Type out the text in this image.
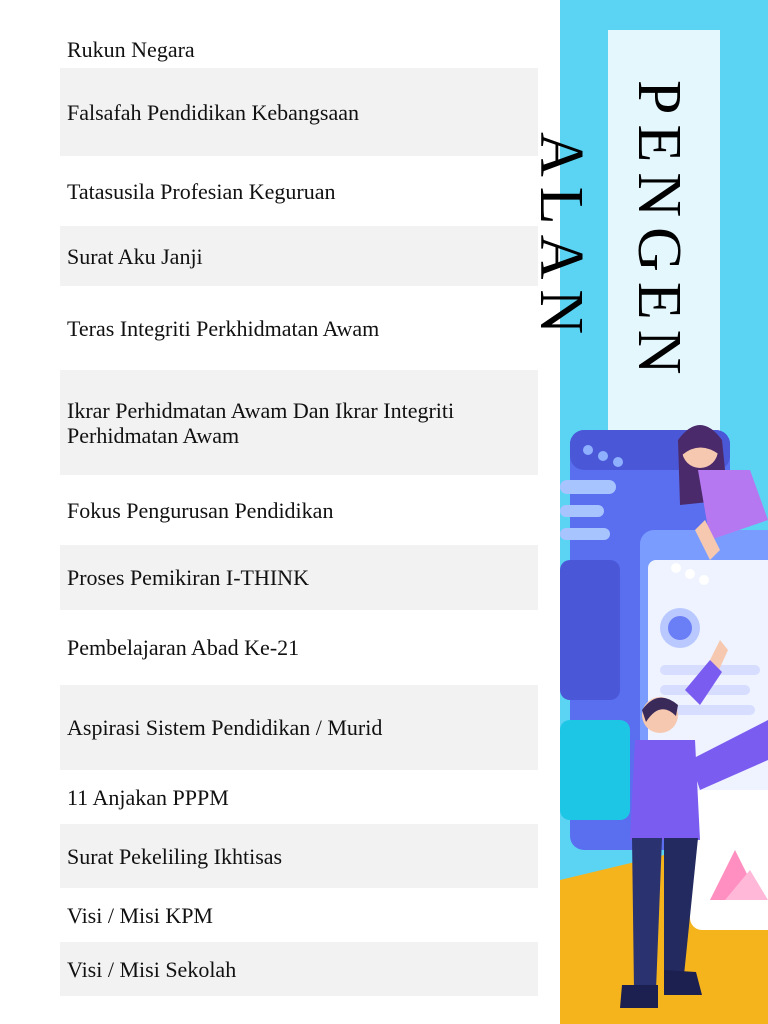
Rukun Negara
Falsafah Pendidikan Kebangsaan
Tatasusila Profesian Keguruan
Surat Aku Janji
Teras Integriti Perkhidmatan Awam
Ikrar Perhidmatan Awam Dan Ikrar Integriti Perhidmatan Awam
Fokus Pengurusan Pendidikan
Proses Pemikiran I-THINK
Pembelajaran Abad Ke-21
Aspirasi Sistem Pendidikan / Murid
11 Anjakan PPPM
Surat Pekeliling Ikhtisas
Visi / Misi KPM
Visi / Misi Sekolah
PENGEN
ALAN
